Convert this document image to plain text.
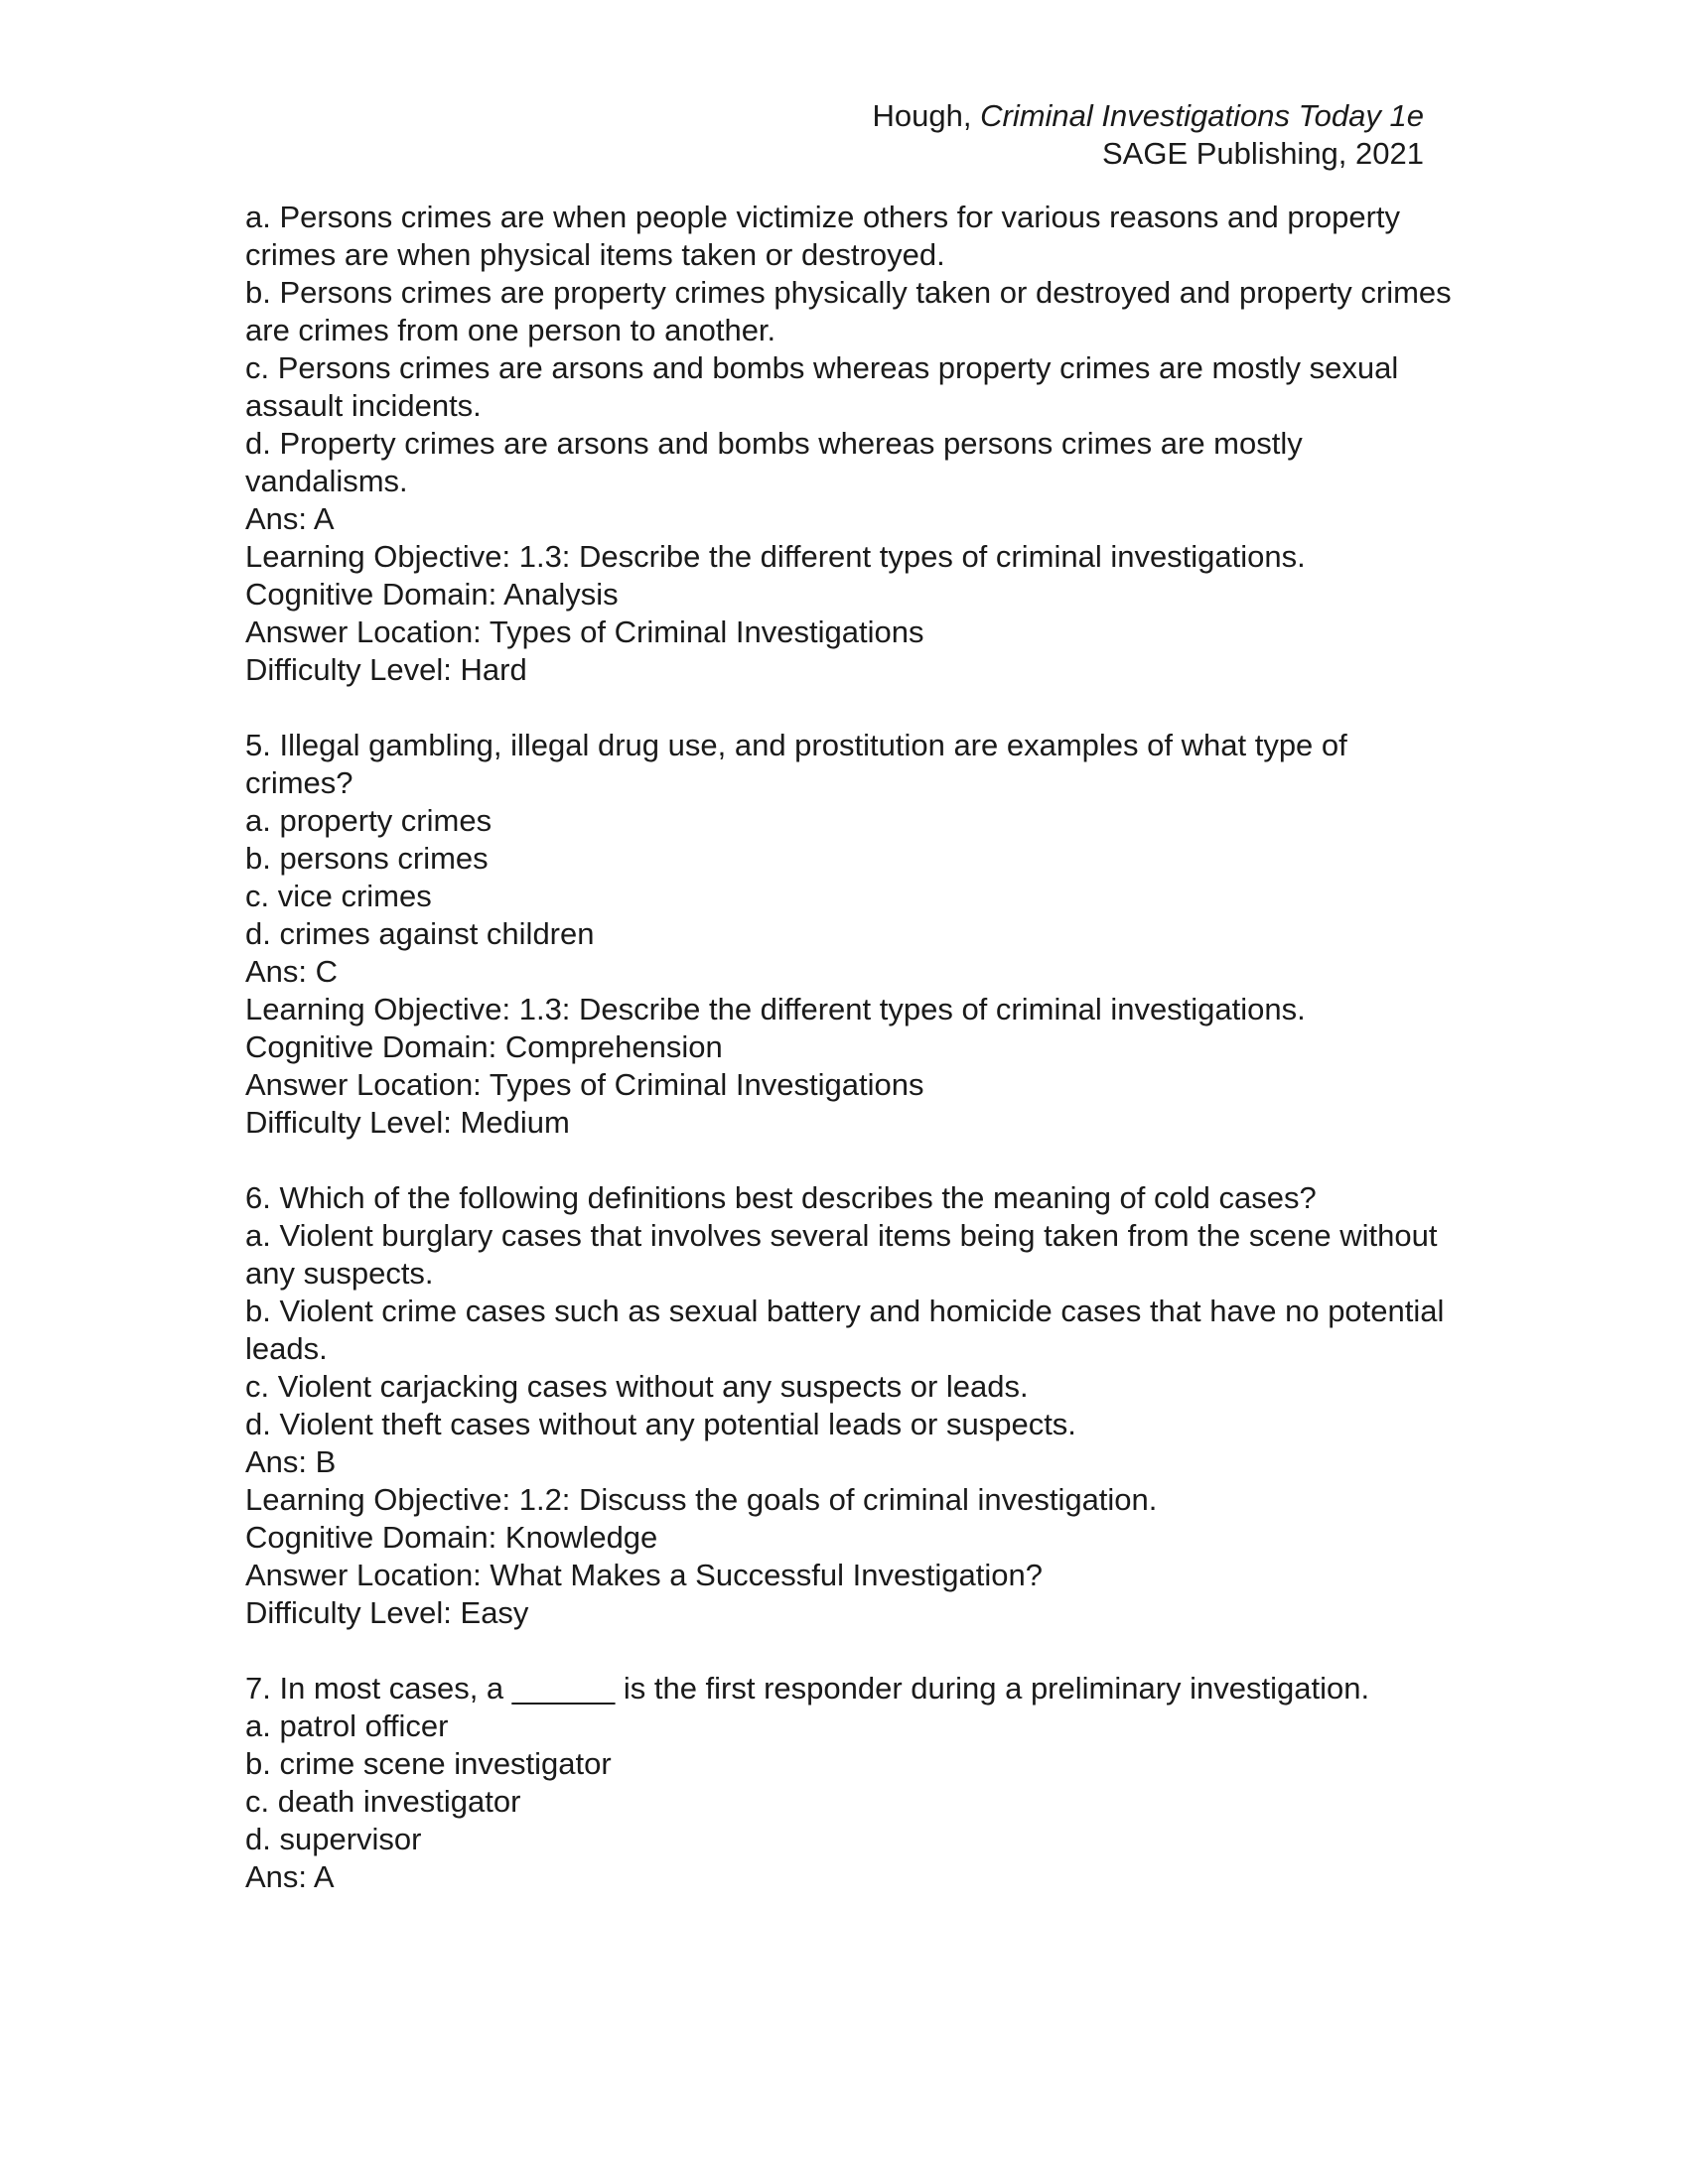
Hough, Criminal Investigations Today 1e
SAGE Publishing, 2021
a. Persons crimes are when people victimize others for various reasons and property crimes are when physical items taken or destroyed.
b. Persons crimes are property crimes physically taken or destroyed and property crimes are crimes from one person to another.
c. Persons crimes are arsons and bombs whereas property crimes are mostly sexual assault incidents.
d. Property crimes are arsons and bombs whereas persons crimes are mostly vandalisms.
Ans: A
Learning Objective: 1.3: Describe the different types of criminal investigations.
Cognitive Domain: Analysis
Answer Location: Types of Criminal Investigations
Difficulty Level: Hard
5. Illegal gambling, illegal drug use, and prostitution are examples of what type of crimes?
a. property crimes
b. persons crimes
c. vice crimes
d. crimes against children
Ans: C
Learning Objective: 1.3: Describe the different types of criminal investigations.
Cognitive Domain: Comprehension
Answer Location: Types of Criminal Investigations
Difficulty Level: Medium
6. Which of the following definitions best describes the meaning of cold cases?
a. Violent burglary cases that involves several items being taken from the scene without any suspects.
b. Violent crime cases such as sexual battery and homicide cases that have no potential leads.
c. Violent carjacking cases without any suspects or leads.
d. Violent theft cases without any potential leads or suspects.
Ans: B
Learning Objective: 1.2: Discuss the goals of criminal investigation.
Cognitive Domain: Knowledge
Answer Location: What Makes a Successful Investigation?
Difficulty Level: Easy
7. In most cases, a ______ is the first responder during a preliminary investigation.
a. patrol officer
b. crime scene investigator
c. death investigator
d. supervisor
Ans: A
